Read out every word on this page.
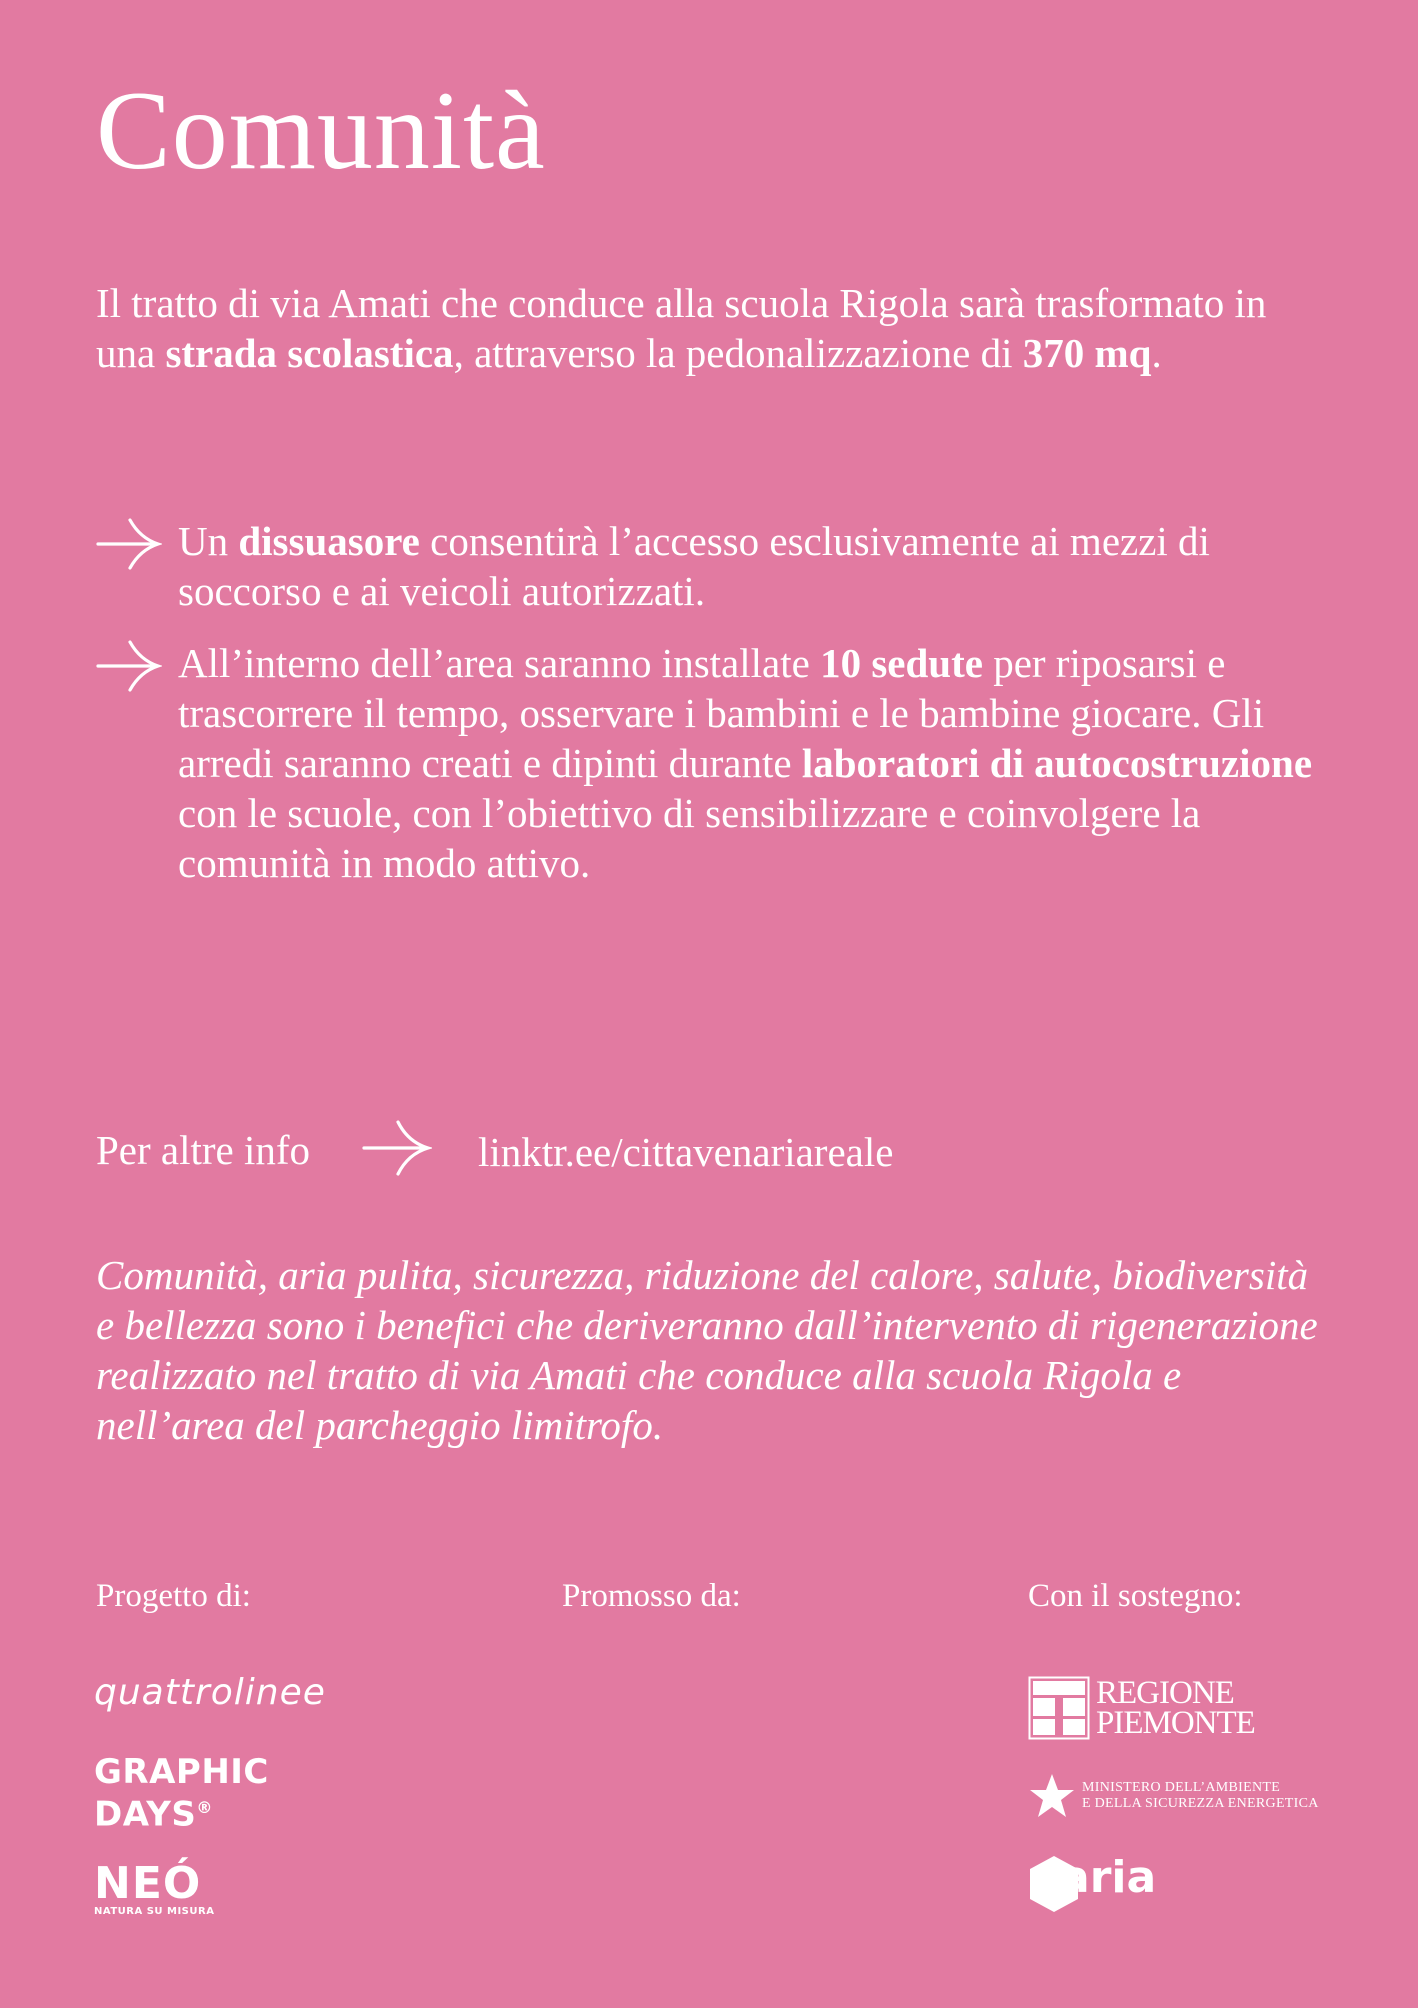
Comunità

Il tratto di via Amati che conduce alla scuola Rigola sarà trasformato in una strada scolastica, attraverso la pedonalizzazione di 370 mq.

Un dissuasore consentirà l’accesso esclusivamente ai mezzi di soccorso e ai veicoli autorizzati.
All’interno dell’area saranno installate 10 sedute per riposarsi e trascorrere il tempo, osservare i bambini e le bambine giocare. Gli arredi saranno creati e dipinti durante laboratori di autocostruzione con le scuole, con l’obiettivo di sensibilizzare e coinvolgere la comunità in modo attivo.
Per altre info	linktr.ee/cittavenariareale

Comunità, aria pulita, sicurezza, riduzione del calore, salute, biodiversità e bellezza sono i benefici che deriveranno dall’intervento di rigenerazione realizzato nel tratto di via Amati che conduce alla scuola Rigola e nell’area del parcheggio limitrofo.

Progetto di:	Promosso da:	Con il sostegno:
quattrolinee
GRAPHIC
DAYS®
NEÓ
NATURA SU MISURA
REGIONE
PIEMONTE
MINISTERO DELL’AMBIENTE
E DELLA SICUREZZA ENERGETICA
aria
